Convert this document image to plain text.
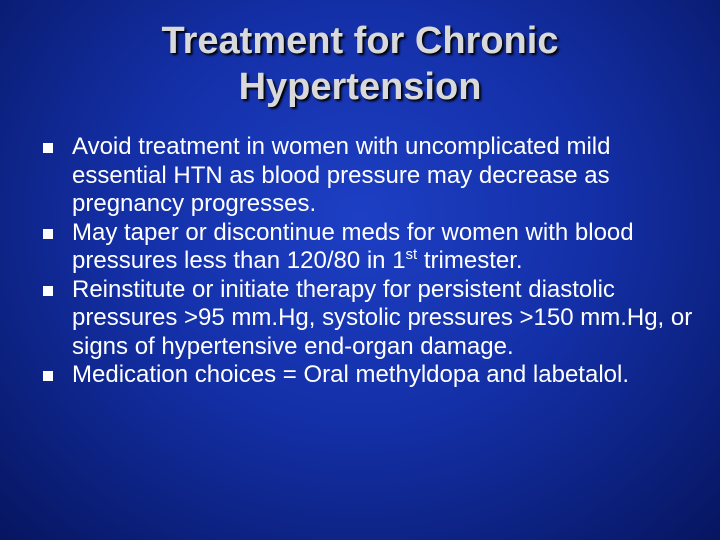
Treatment for Chronic
Hypertension
Avoid treatment in women with uncomplicated mild essential HTN as blood pressure may decrease as pregnancy progresses.
May taper or discontinue meds for women with blood pressures less than 120/80 in 1st trimester.
Reinstitute or initiate therapy for persistent diastolic pressures >95 mm.Hg, systolic pressures >150 mm.Hg, or signs of hypertensive end-organ damage.
Medication choices = Oral methyldopa and labetalol.
